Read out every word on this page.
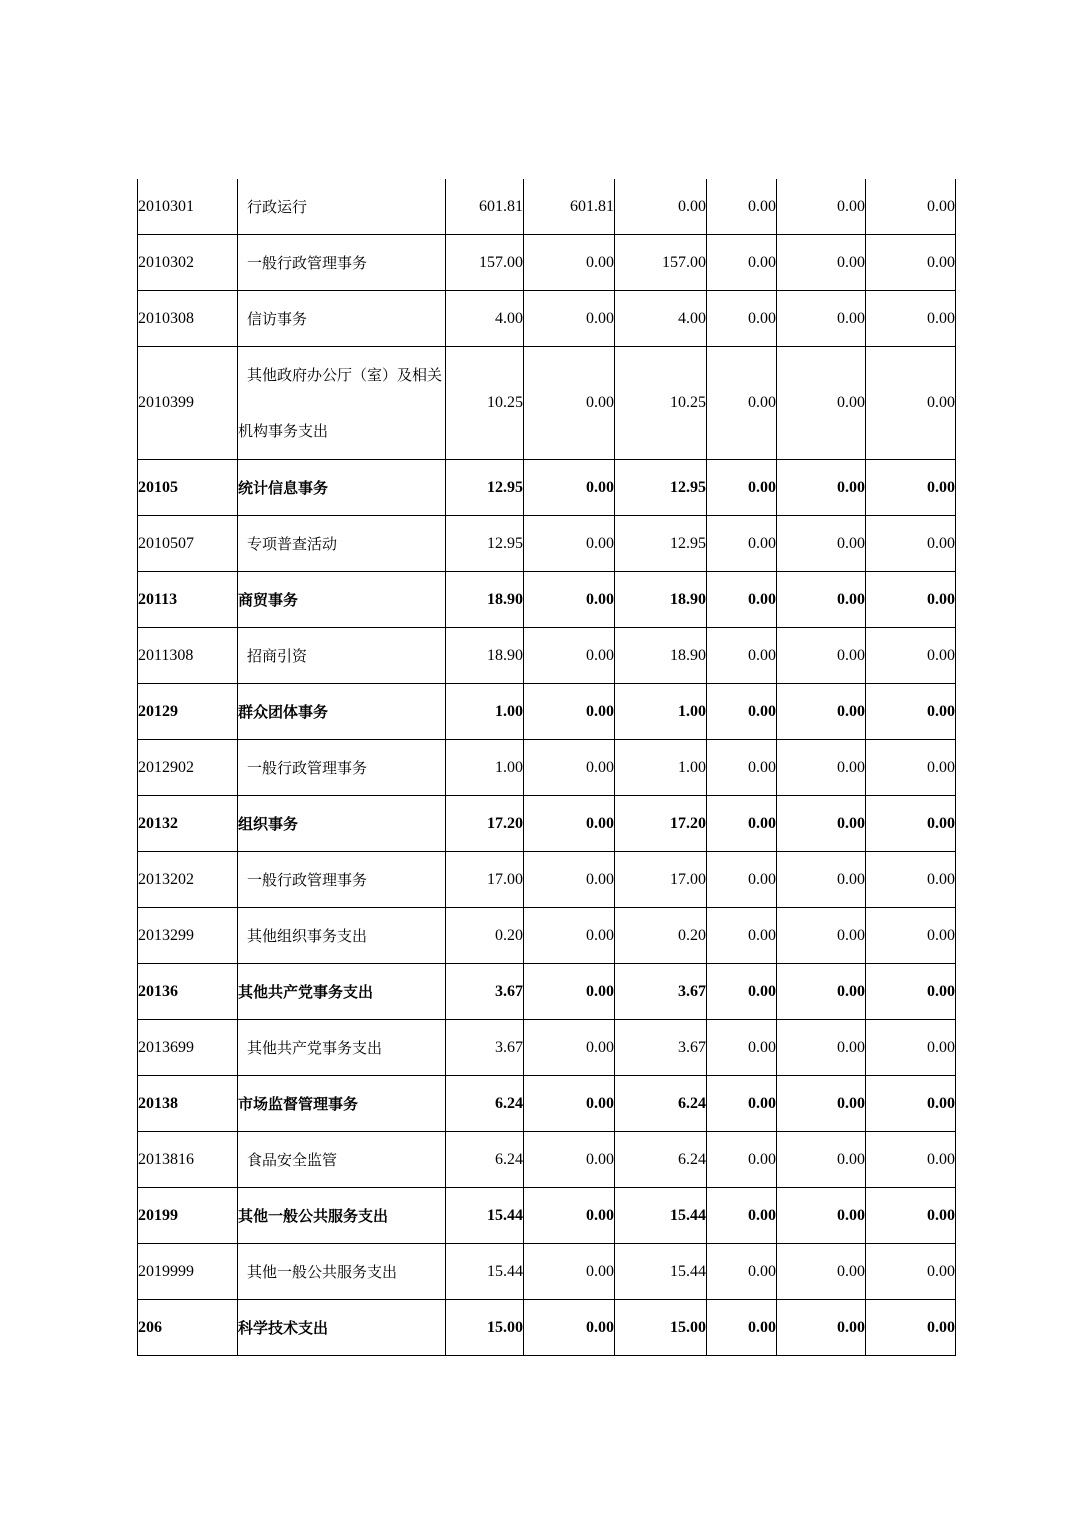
2010301	行政运行	601.81	601.81	0.00	0.00	0.00	0.00
2010302	一般行政管理事务	157.00	0.00	157.00	0.00	0.00	0.00
2010308	信访事务	4.00	0.00	4.00	0.00	0.00	0.00
2010399	其他政府办公厅（室）及相关机构事务支出	10.25	0.00	10.25	0.00	0.00	0.00
20105	统计信息事务	12.95	0.00	12.95	0.00	0.00	0.00
2010507	专项普查活动	12.95	0.00	12.95	0.00	0.00	0.00
20113	商贸事务	18.90	0.00	18.90	0.00	0.00	0.00
2011308	招商引资	18.90	0.00	18.90	0.00	0.00	0.00
20129	群众团体事务	1.00	0.00	1.00	0.00	0.00	0.00
2012902	一般行政管理事务	1.00	0.00	1.00	0.00	0.00	0.00
20132	组织事务	17.20	0.00	17.20	0.00	0.00	0.00
2013202	一般行政管理事务	17.00	0.00	17.00	0.00	0.00	0.00
2013299	其他组织事务支出	0.20	0.00	0.20	0.00	0.00	0.00
20136	其他共产党事务支出	3.67	0.00	3.67	0.00	0.00	0.00
2013699	其他共产党事务支出	3.67	0.00	3.67	0.00	0.00	0.00
20138	市场监督管理事务	6.24	0.00	6.24	0.00	0.00	0.00
2013816	食品安全监管	6.24	0.00	6.24	0.00	0.00	0.00
20199	其他一般公共服务支出	15.44	0.00	15.44	0.00	0.00	0.00
2019999	其他一般公共服务支出	15.44	0.00	15.44	0.00	0.00	0.00
206	科学技术支出	15.00	0.00	15.00	0.00	0.00	0.00
